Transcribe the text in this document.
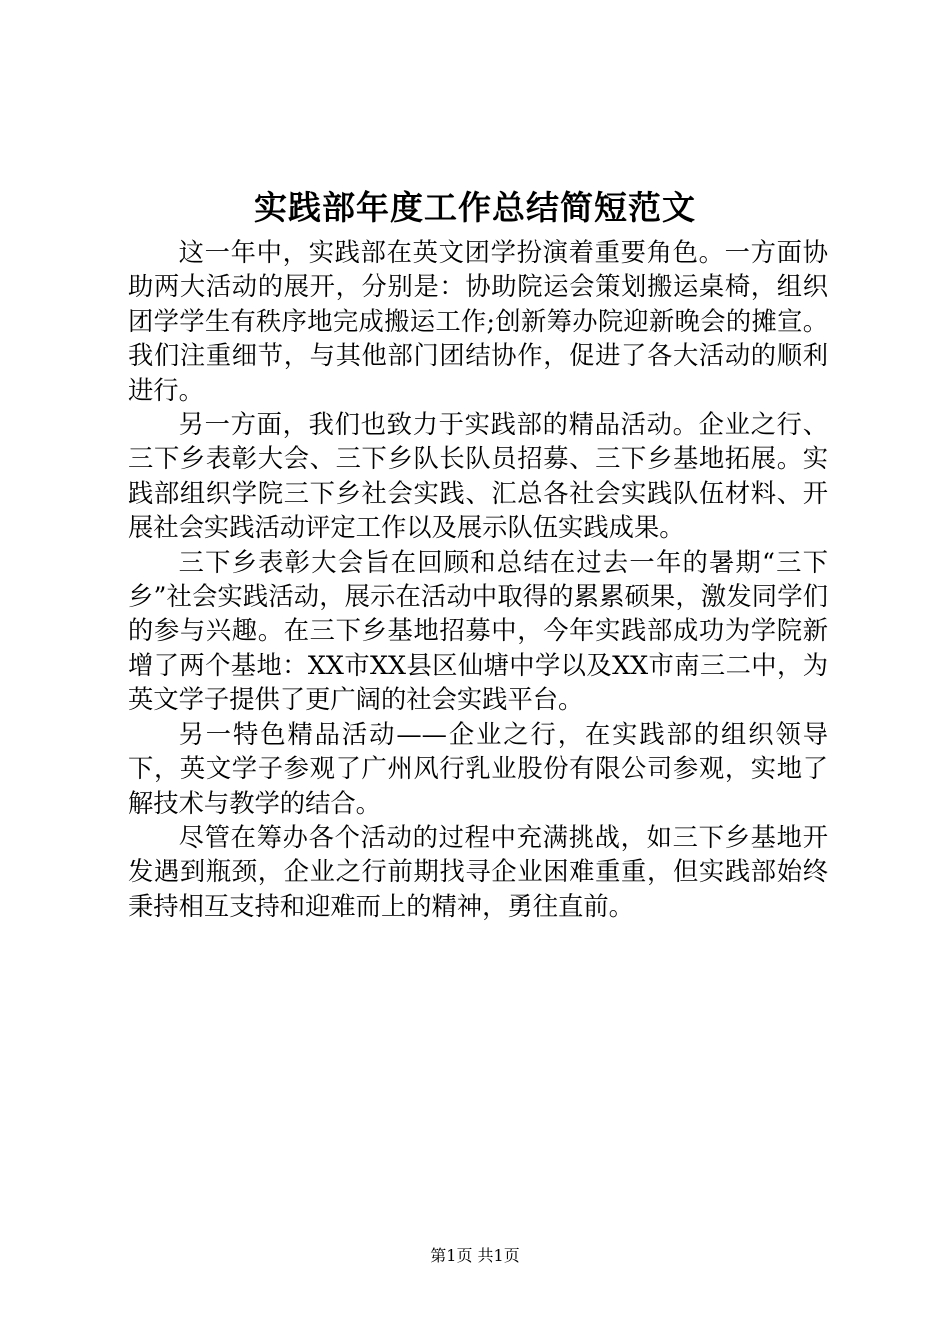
实践部年度工作总结简短范文

这一年中，实践部在英文团学扮演着重要角色。一方面协助两大活动的展开，分别是：协助院运会策划搬运桌椅，组织团学学生有秩序地完成搬运工作;创新筹办院迎新晚会的摊宣。我们注重细节，与其他部门团结协作，促进了各大活动的顺利进行。

另一方面，我们也致力于实践部的精品活动。企业之行、三下乡表彰大会、三下乡队长队员招募、三下乡基地拓展。实践部组织学院三下乡社会实践、汇总各社会实践队伍材料、开展社会实践活动评定工作以及展示队伍实践成果。

三下乡表彰大会旨在回顾和总结在过去一年的暑期“三下乡”社会实践活动，展示在活动中取得的累累硕果，激发同学们的参与兴趣。在三下乡基地招募中，今年实践部成功为学院新增了两个基地：XX市XX县区仙塘中学以及XX市南三二中，为英文学子提供了更广阔的社会实践平台。

另一特色精品活动——企业之行，在实践部的组织领导下，英文学子参观了广州风行乳业股份有限公司参观，实地了解技术与教学的结合。

尽管在筹办各个活动的过程中充满挑战，如三下乡基地开发遇到瓶颈，企业之行前期找寻企业困难重重，但实践部始终秉持相互支持和迎难而上的精神，勇往直前。

第1页 共1页
